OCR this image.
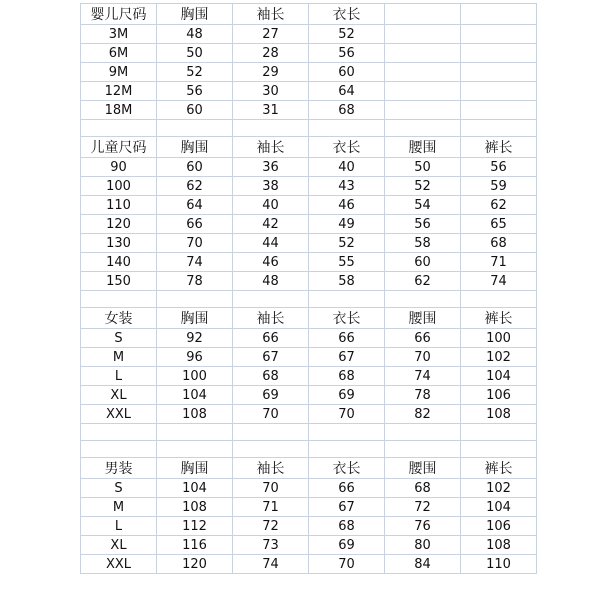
婴儿尺码	胸围	袖长	衣长		
3M	48	27	52		
6M	50	28	56		
9M	52	29	60		
12M	56	30	64		
18M	60	31	68		

儿童尺码	胸围	袖长	衣长	腰围	裤长
90	60	36	40	50	56
100	62	38	43	52	59
110	64	40	46	54	62
120	66	42	49	56	65
130	70	44	52	58	68
140	74	46	55	60	71
150	78	48	58	62	74

女装	胸围	袖长	衣长	腰围	裤长
S	92	66	66	66	100
M	96	67	67	70	102
L	100	68	68	74	104
XL	104	69	69	78	106
XXL	108	70	70	82	108

男装	胸围	袖长	衣长	腰围	裤长
S	104	70	66	68	102
M	108	71	67	72	104
L	112	72	68	76	106
XL	116	73	69	80	108
XXL	120	74	70	84	110
